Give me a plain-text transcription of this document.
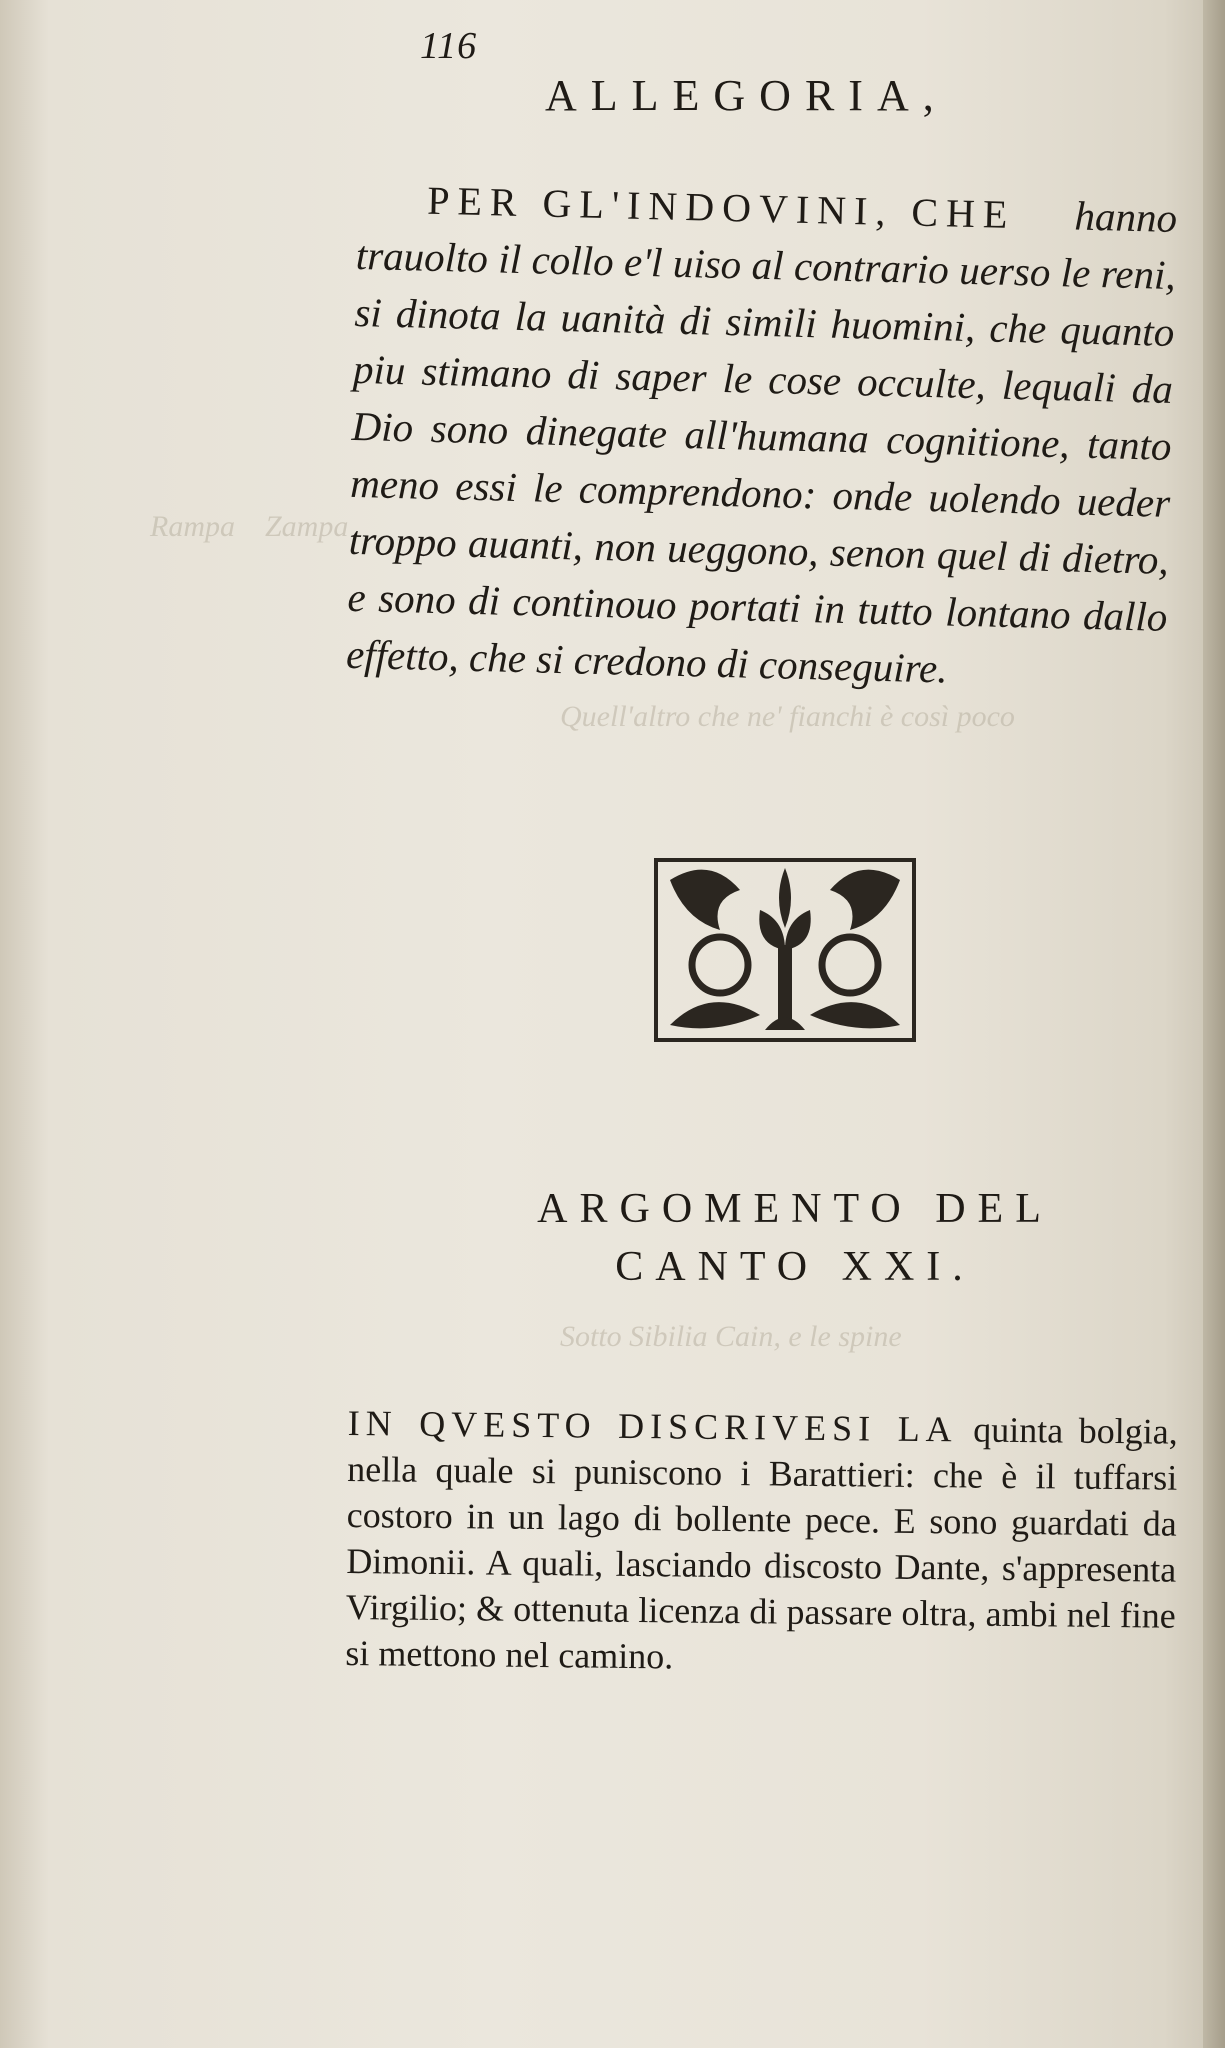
Rampa    Zampa
Quell'altro che ne' fianchi è così poco
Sotto Sibilia Cain, e le spine
116
ALLEGORIA,
PER GL'INDOVINI, CHE hanno trauolto il collo e'l uiso al contrario uerso le reni, si dinota la uanità di simili huomini, che quanto piu stimano di saper le cose occulte, lequali da Dio sono dinegate all'humana cognitione, tanto meno essi le comprendono: onde uolendo ueder troppo auanti, non ueggono, senon quel di dietro, e sono di continouo portati in tutto lontano dallo effetto, che si credono di conseguire.
ARGOMENTO DEL
CANTO XXI.
IN QVESTO DISCRIVESI LA quinta bolgia, nella quale si puniscono i Barattieri: che è il tuffarsi costoro in un lago di bollente pece. E sono guardati da Dimonii. A quali, lasciando discosto Dante, s'appresenta Virgilio; & ottenuta licenza di passare oltra, ambi nel fine si mettono nel camino.
